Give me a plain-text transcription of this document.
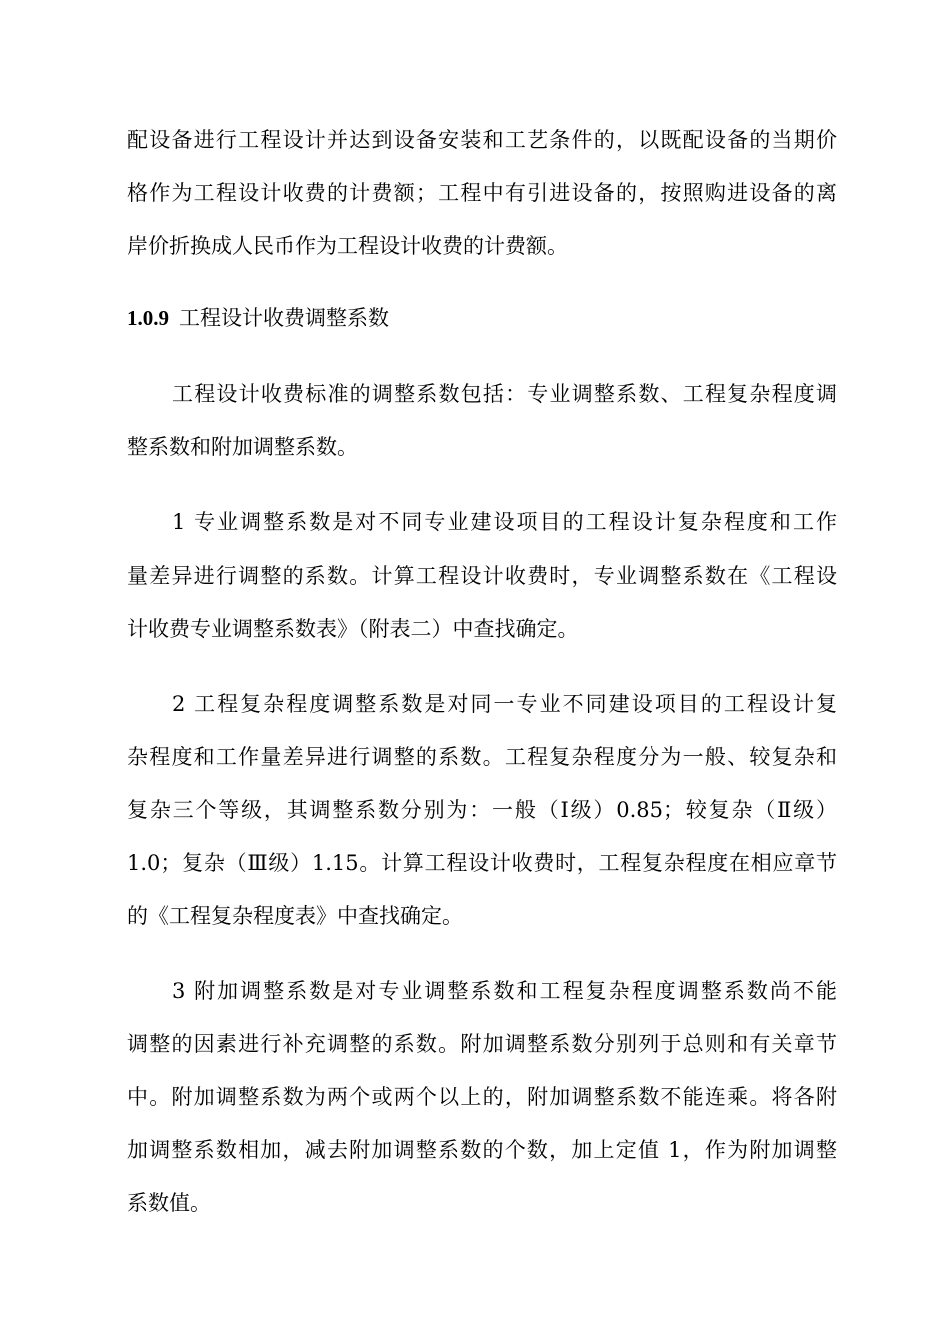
配设备进行工程设计并达到设备安装和工艺条件的，以既配设备的当期价
格作为工程设计收费的计费额；工程中有引进设备的，按照购进设备的离
岸价折换成人民币作为工程设计收费的计费额。
1.0.9 工程设计收费调整系数
工程设计收费标准的调整系数包括：专业调整系数、工程复杂程度调
整系数和附加调整系数。
1 专业调整系数是对不同专业建设项目的工程设计复杂程度和工作
量差异进行调整的系数。计算工程设计收费时，专业调整系数在《工程设
计收费专业调整系数表》（附表二）中查找确定。
2 工程复杂程度调整系数是对同一专业不同建设项目的工程设计复
杂程度和工作量差异进行调整的系数。工程复杂程度分为一般、较复杂和
复杂三个等级，其调整系数分别为：一般（Ⅰ级）0.85；较复杂（Ⅱ级）
1.0；复杂（Ⅲ级）1.15。计算工程设计收费时，工程复杂程度在相应章节
的《工程复杂程度表》中查找确定。
3 附加调整系数是对专业调整系数和工程复杂程度调整系数尚不能
调整的因素进行补充调整的系数。附加调整系数分别列于总则和有关章节
中。附加调整系数为两个或两个以上的，附加调整系数不能连乘。将各附
加调整系数相加，减去附加调整系数的个数，加上定值 1，作为附加调整
系数值。
